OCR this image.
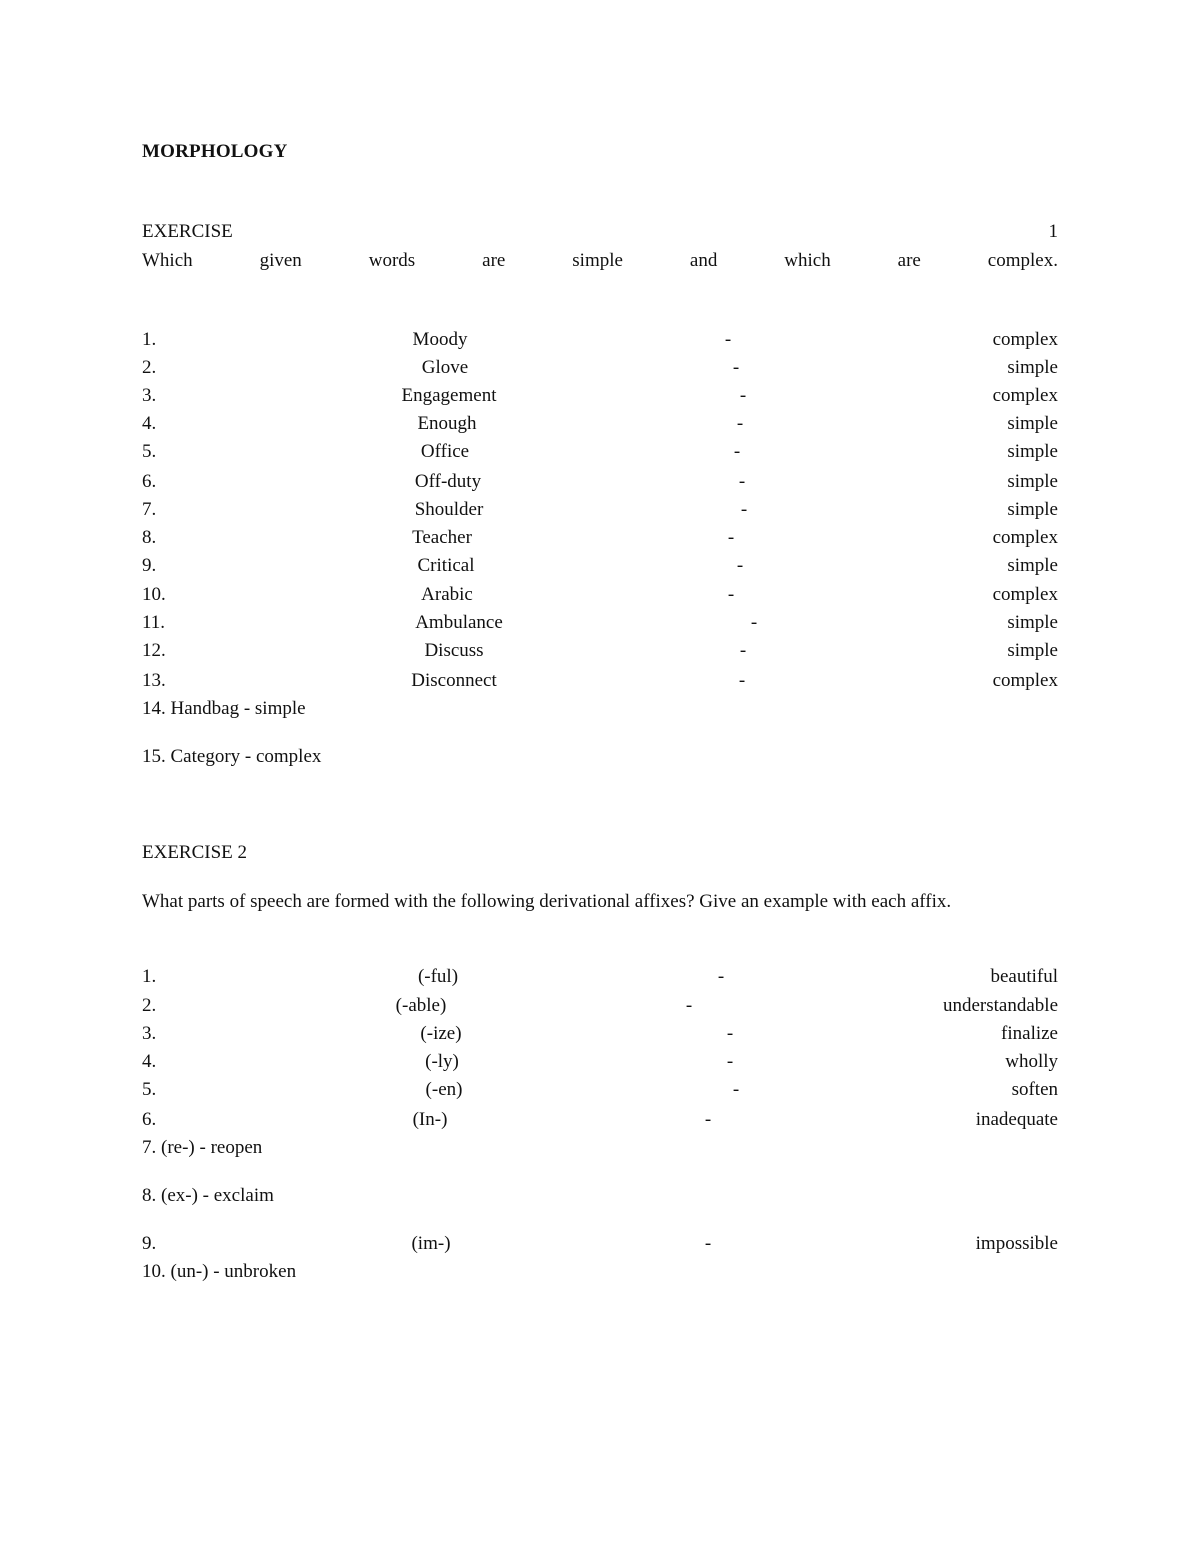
MORPHOLOGY
EXERCISE	1
Which	given	words	are	simple	and	which	are	complex.
1.	Moody	-	complex
2.	Glove	-	simple
3.	Engagement	-	complex
4.	Enough	-	simple
5.	Office	-	simple
6.	Off-duty	-	simple
7.	Shoulder	-	simple
8.	Teacher	-	complex
9.	Critical	-	simple
10.	Arabic	-	complex
11.	Ambulance	-	simple
12.	Discuss	-	simple
13.	Disconnect	-	complex
14. Handbag - simple
15. Category - complex
EXERCISE 2
What parts of speech are formed with the following derivational affixes? Give an example with each affix.
1.	(-ful)	-	beautiful
2.	(-able)	-	understandable
3.	(-ize)	-	finalize
4.	(-ly)	-	wholly
5.	(-en)	-	soften
6.	(In-)	-	inadequate
7. (re-) - reopen
8. (ex-) - exclaim
9.	(im-)	-	impossible
10. (un-) - unbroken
